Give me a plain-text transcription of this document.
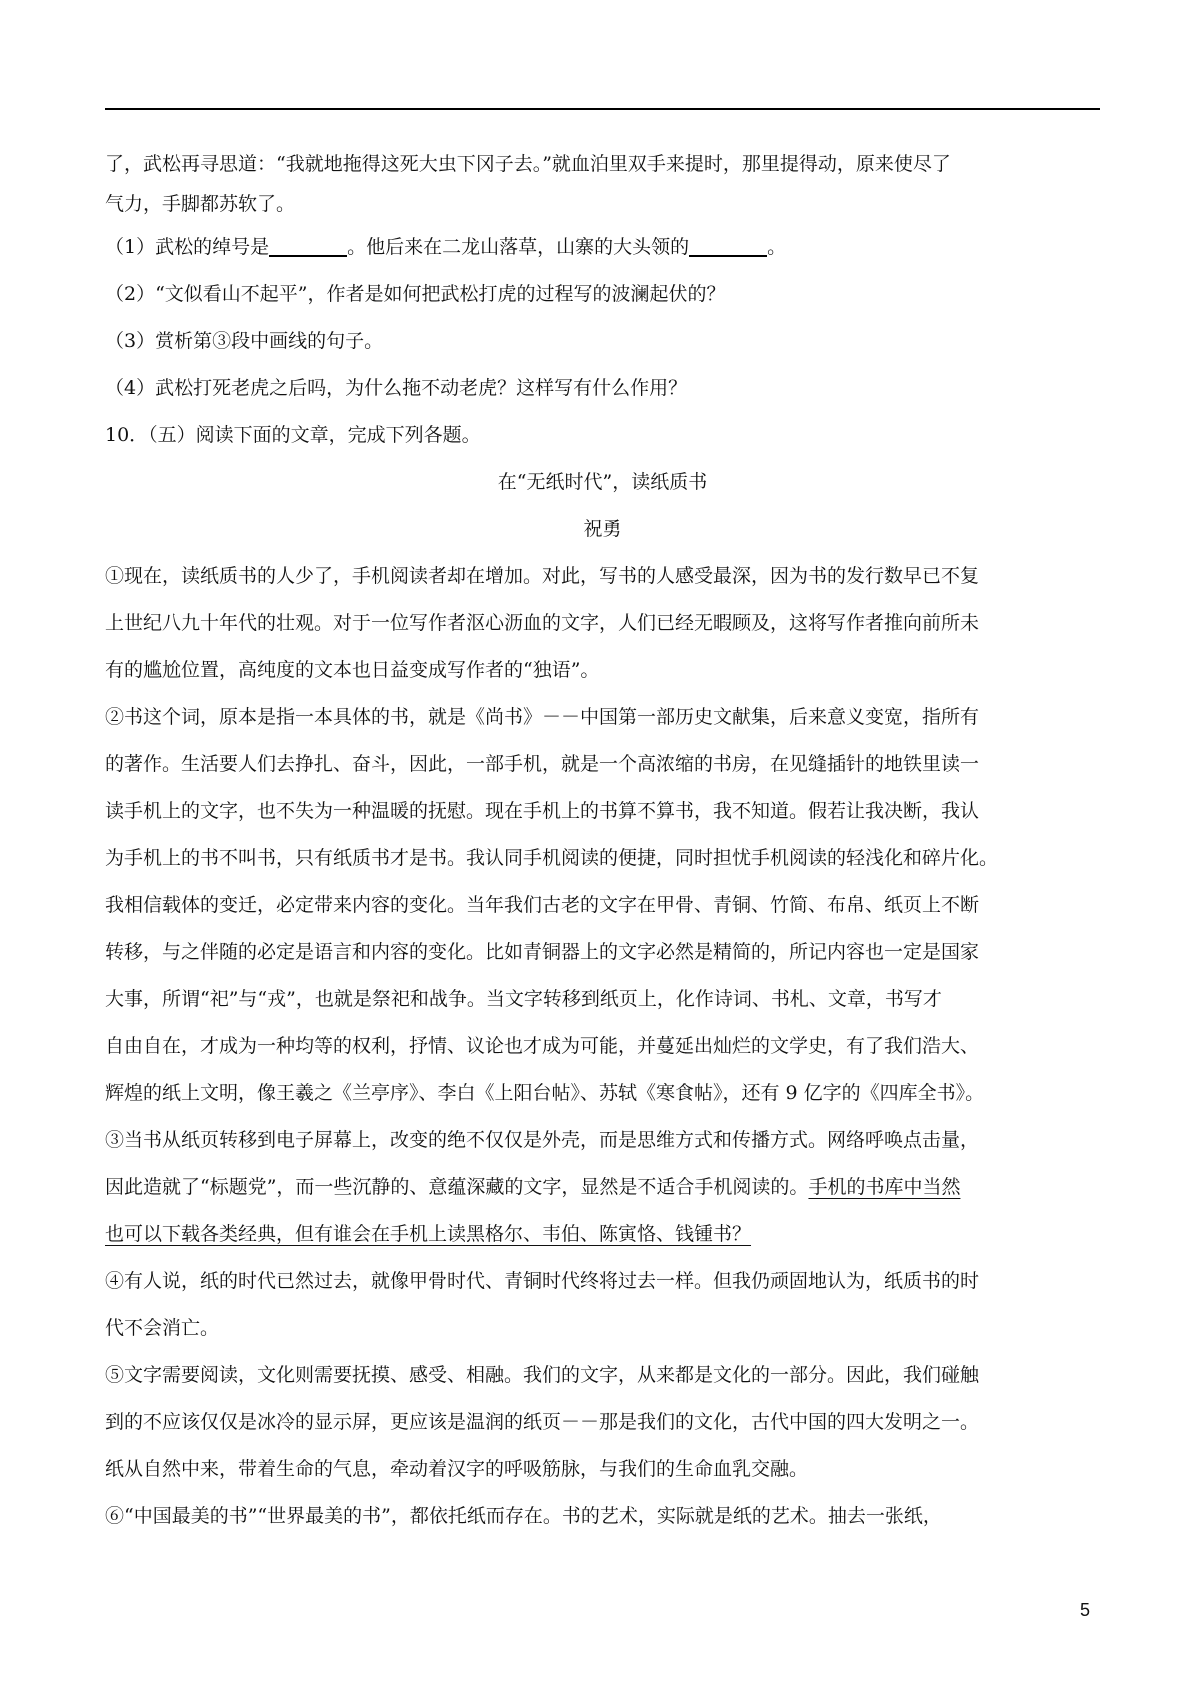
了，武松再寻思道：“我就地拖得这死大虫下冈子去。”就血泊里双手来提时，那里提得动，原来使尽了
气力，手脚都苏软了。
（1）武松的绰号是	。他后来在二龙山落草，山寨的大头领的	。
（2）“文似看山不起平”，作者是如何把武松打虎的过程写的波澜起伏的？
（3）赏析第③段中画线的句子。
（4）武松打死老虎之后吗，为什么拖不动老虎？这样写有什么作用？
10．（五）阅读下面的文章，完成下列各题。
在“无纸时代”，读纸质书
祝勇
①现在，读纸质书的人少了，手机阅读者却在增加。对此，写书的人感受最深，因为书的发行数早已不复
上世纪八九十年代的壮观。对于一位写作者沤心沥血的文字，人们已经无暇顾及，这将写作者推向前所未
有的尴尬位置，高纯度的文本也日益变成写作者的“独语”。
②书这个词，原本是指一本具体的书，就是《尚书》－－中国第一部历史文献集，后来意义变宽，指所有
的著作。生活要人们去挣扎、奋斗，因此，一部手机，就是一个高浓缩的书房，在见缝插针的地铁里读一
读手机上的文字，也不失为一种温暖的抚慰。现在手机上的书算不算书，我不知道。假若让我决断，我认
为手机上的书不叫书，只有纸质书才是书。我认同手机阅读的便捷，同时担忧手机阅读的轻浅化和碎片化。
我相信载体的变迁，必定带来内容的变化。当年我们古老的文字在甲骨、青铜、竹简、布帛、纸页上不断
转移，与之伴随的必定是语言和内容的变化。比如青铜器上的文字必然是精简的，所记内容也一定是国家
大事，所谓“祀”与“戎”，也就是祭祀和战争。当文字转移到纸页上，化作诗词、书札、文章，书写才
自由自在，才成为一种均等的权利，抒情、议论也才成为可能，并蔓延出灿烂的文学史，有了我们浩大、
辉煌的纸上文明，像王羲之《兰亭序》、李白《上阳台帖》、苏轼《寒食帖》，还有 9 亿字的《四库全书》。
③当书从纸页转移到电子屏幕上，改变的绝不仅仅是外壳，而是思维方式和传播方式。网络呼唤点击量，
因此造就了“标题党”，而一些沉静的、意蕴深藏的文字，显然是不适合手机阅读的。手机的书库中当然
也可以下载各类经典，但有谁会在手机上读黑格尔、韦伯、陈寅恪、钱锺书？
④有人说，纸的时代已然过去，就像甲骨时代、青铜时代终将过去一样。但我仍顽固地认为，纸质书的时
代不会消亡。
⑤文字需要阅读，文化则需要抚摸、感受、相融。我们的文字，从来都是文化的一部分。因此，我们碰触
到的不应该仅仅是冰冷的显示屏，更应该是温润的纸页－－那是我们的文化，古代中国的四大发明之一。
纸从自然中来，带着生命的气息，牵动着汉字的呼吸筋脉，与我们的生命血乳交融。
⑥“中国最美的书”“世界最美的书”，都依托纸而存在。书的艺术，实际就是纸的艺术。抽去一张纸，
5
